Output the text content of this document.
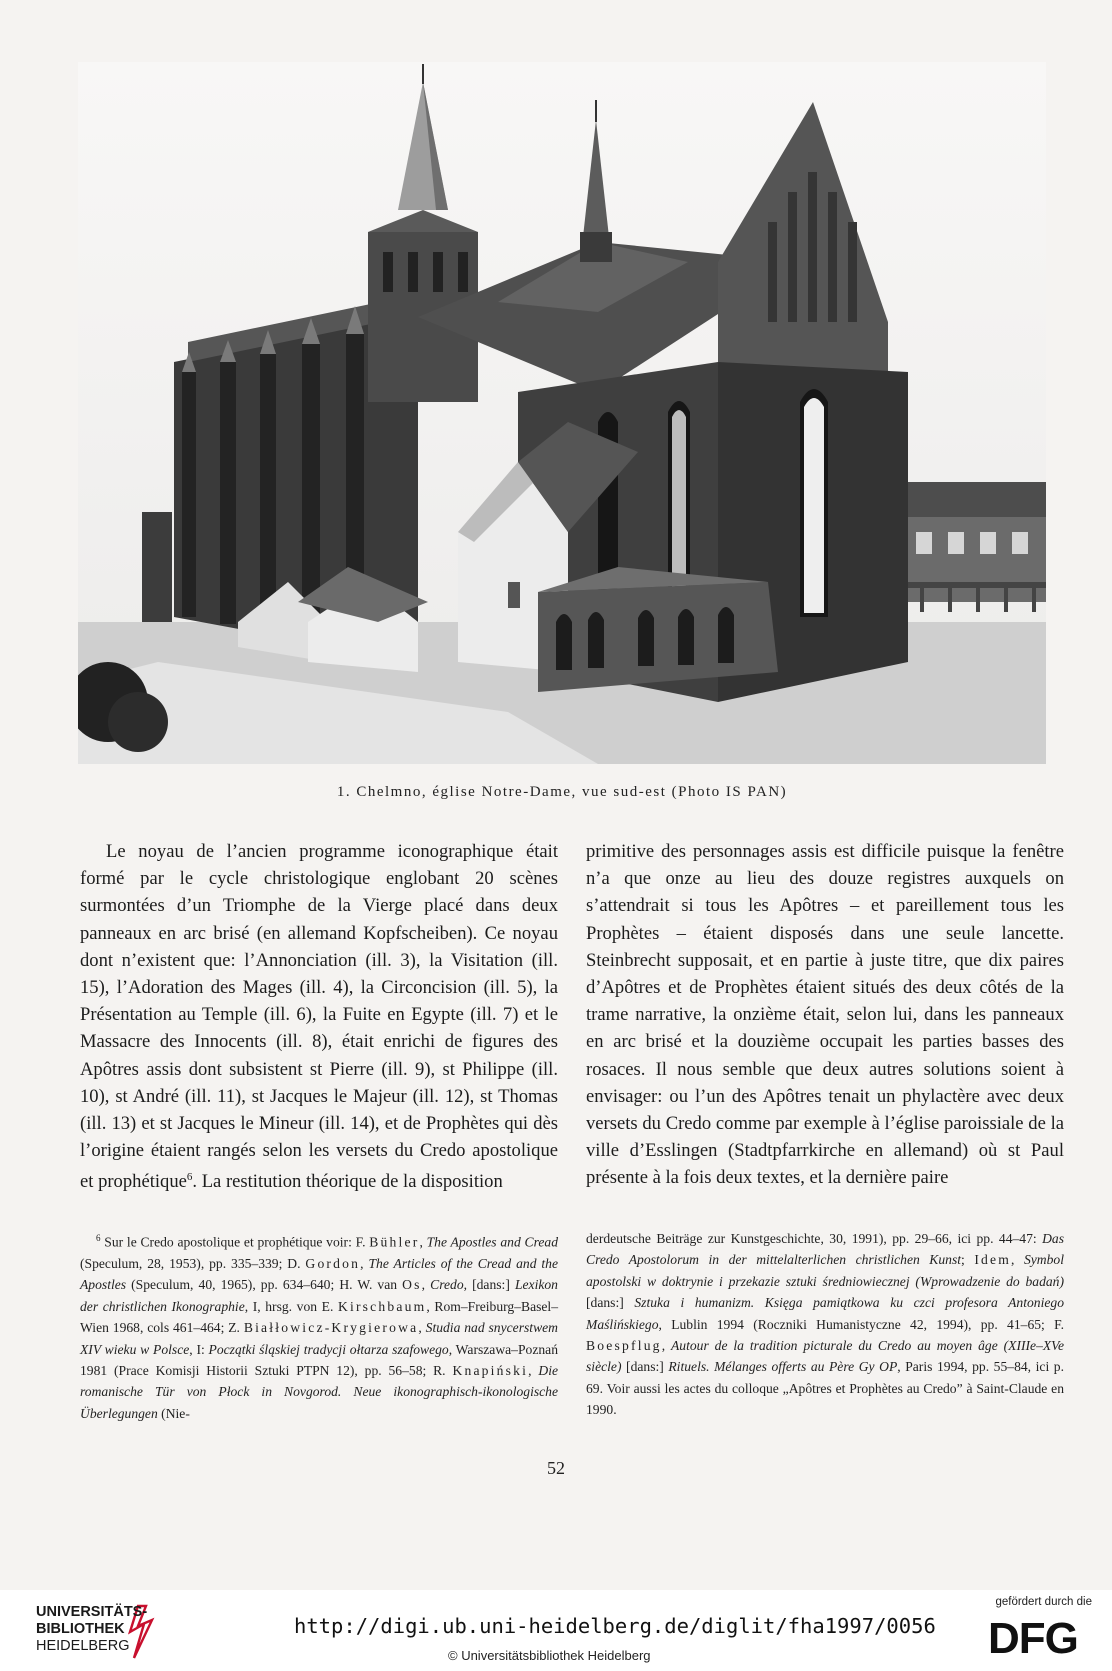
1. Chelmno, église Notre-Dame, vue sud-est (Photo IS PAN)

Le noyau de l’ancien programme iconographique était formé par le cycle christologique englobant 20 scènes surmontées d’un Triomphe de la Vierge placé dans deux panneaux en arc brisé (en allemand Kopfscheiben). Ce noyau dont n’existent que: l’Annonciation (ill. 3), la Visitation (ill. 15), l’Adoration des Mages (ill. 4), la Circoncision (ill. 5), la Présentation au Temple (ill. 6), la Fuite en Egypte (ill. 7) et le Massacre des Innocents (ill. 8), était enrichi de figures des Apôtres assis dont subsistent st Pierre (ill. 9), st Philippe (ill. 10), st André (ill. 11), st Jacques le Majeur (ill. 12), st Thomas (ill. 13) et st Jacques le Mineur (ill. 14), et de Prophètes qui dès l’origine étaient rangés selon les versets du Credo apostolique et prophétique$^6$. La restitution théorique de la disposition

primitive des personnages assis est difficile puisque la fenêtre n’a que onze au lieu des douze registres auxquels on s’attendrait si tous les Apôtres – et pareillement tous les Prophètes – étaient disposés dans une seule lancette. Steinbrecht supposait, et en partie à juste titre, que dix paires d’Apôtres et de Prophètes étaient situés des deux côtés de la trame narrative, la onzième était, selon lui, dans les panneaux en arc brisé et la douzième occupait les parties basses des rosaces. Il nous semble que deux autres solutions soient à envisager: ou l’un des Apôtres tenait un phylactère avec deux versets du Credo comme par exemple à l’église paroissiale de la ville d’Esslingen (Stadtpfarrkirche en allemand) où st Paul présente à la fois deux textes, et la dernière paire

$^6$ Sur le Credo apostolique et prophétique voir: F. Bühler, The Apostles and Cread (Speculum, 28, 1953), pp. 335–339; D. Gordon, The Articles of the Cread and the Apostles (Speculum, 40, 1965), pp. 634–640; H. W. van Os, Credo, [dans:] Lexikon der christlichen Ikonographie, I, hrsg. von E. Kirschbaum, Rom–Freiburg–Basel–Wien 1968, cols 461–464; Z. Białłowicz-Krygierowa, Studia nad snycerstwem XIV wieku w Polsce, I: Początki śląskiej tradycji ołtarza szafowego, Warszawa–Poznań 1981 (Prace Komisji Historii Sztuki PTPN 12), pp. 56–58; R. Knapiński, Die romanische Tür von Płock in Novgorod. Neue ikonographisch-ikonologische Überlegungen (Nie-

derdeutsche Beiträge zur Kunstgeschichte, 30, 1991), pp. 29–66, ici pp. 44–47: Das Credo Apostolorum in der mittelalterlichen christlichen Kunst; Idem, Symbol apostolski w doktrynie i przekazie sztuki średniowiecznej (Wprowadzenie do badań) [dans:] Sztuka i humanizm. Księga pamiątkowa ku czci profesora Antoniego Maślińskiego, Lublin 1994 (Roczniki Humanistyczne 42, 1994), pp. 41–65; F. Boespflug, Autour de la tradition picturale du Credo au moyen âge (XIIIe–XVe siècle) [dans:] Rituels. Mélanges offerts au Père Gy OP, Paris 1994, pp. 55–84, ici p. 69. Voir aussi les actes du colloque „Apôtres et Prophètes au Credo” à Saint-Claude en 1990.

52
UNIVERSITÄTS-
BIBLIOTHEK
HEIDELBERG
http://digi.ub.uni-heidelberg.de/diglit/fha1997/0056
© Universitätsbibliothek Heidelberg
gefördert durch die
DFG
